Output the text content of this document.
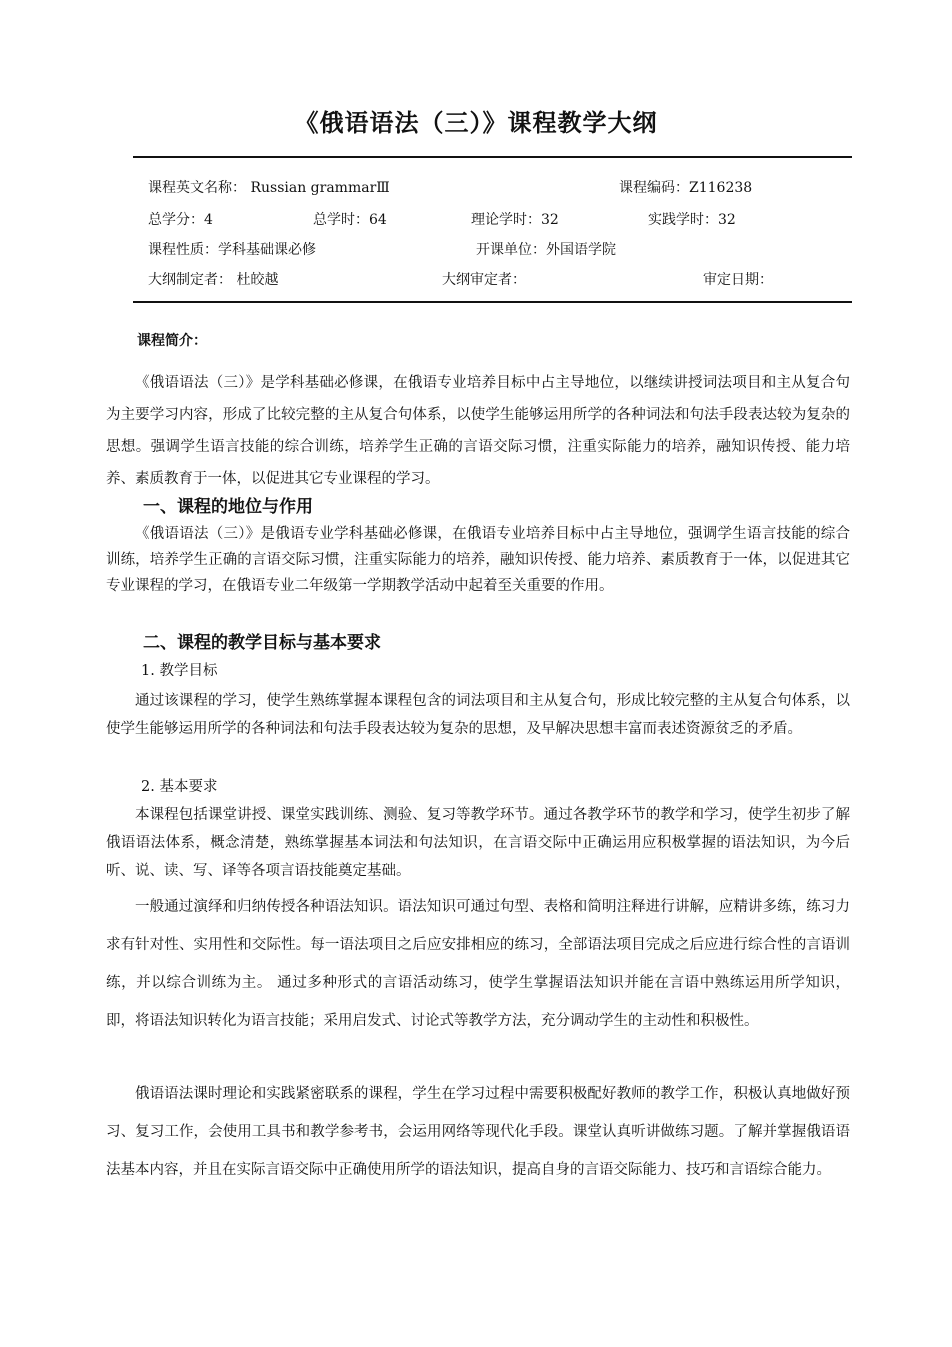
《俄语语法（三）》课程教学大纲
课程英文名称： Russian grammarⅢ	课程编码：Z116238
总学分：4	总学时：64	理论学时：32	实践学时：32
课程性质：学科基础课必修	开课单位：外国语学院
大纲制定者： 杜皎越	大纲审定者：	审定日期：
课程简介：
《俄语语法（三）》是学科基础必修课，在俄语专业培养目标中占主导地位，以继续讲授词法项目和主从复合句为主要学习内容，形成了比较完整的主从复合句体系，以使学生能够运用所学的各种词法和句法手段表达较为复杂的思想。强调学生语言技能的综合训练，培养学生正确的言语交际习惯，注重实际能力的培养，融知识传授、能力培养、素质教育于一体，以促进其它专业课程的学习。
一、课程的地位与作用
《俄语语法（三）》是俄语专业学科基础必修课，在俄语专业培养目标中占主导地位，强调学生语言技能的综合训练，培养学生正确的言语交际习惯，注重实际能力的培养，融知识传授、能力培养、素质教育于一体，以促进其它专业课程的学习，在俄语专业二年级第一学期教学活动中起着至关重要的作用。
二、课程的教学目标与基本要求
1. 教学目标
通过该课程的学习，使学生熟练掌握本课程包含的词法项目和主从复合句，形成比较完整的主从复合句体系，以使学生能够运用所学的各种词法和句法手段表达较为复杂的思想，及早解决思想丰富而表述资源贫乏的矛盾。
2. 基本要求
本课程包括课堂讲授、课堂实践训练、测验、复习等教学环节。通过各教学环节的教学和学习，使学生初步了解俄语语法体系，概念清楚，熟练掌握基本词法和句法知识，在言语交际中正确运用应积极掌握的语法知识，为今后听、说、读、写、译等各项言语技能奠定基础。
一般通过演绎和归纳传授各种语法知识。语法知识可通过句型、表格和简明注释进行讲解，应精讲多练，练习力求有针对性、实用性和交际性。每一语法项目之后应安排相应的练习，全部语法项目完成之后应进行综合性的言语训练，并以综合训练为主。 通过多种形式的言语活动练习，使学生掌握语法知识并能在言语中熟练运用所学知识，即，将语法知识转化为语言技能；采用启发式、讨论式等教学方法，充分调动学生的主动性和积极性。
俄语语法课时理论和实践紧密联系的课程，学生在学习过程中需要积极配好教师的教学工作，积极认真地做好预习、复习工作，会使用工具书和教学参考书，会运用网络等现代化手段。课堂认真听讲做练习题。了解并掌握俄语语法基本内容，并且在实际言语交际中正确使用所学的语法知识，提高自身的言语交际能力、技巧和言语综合能力。
